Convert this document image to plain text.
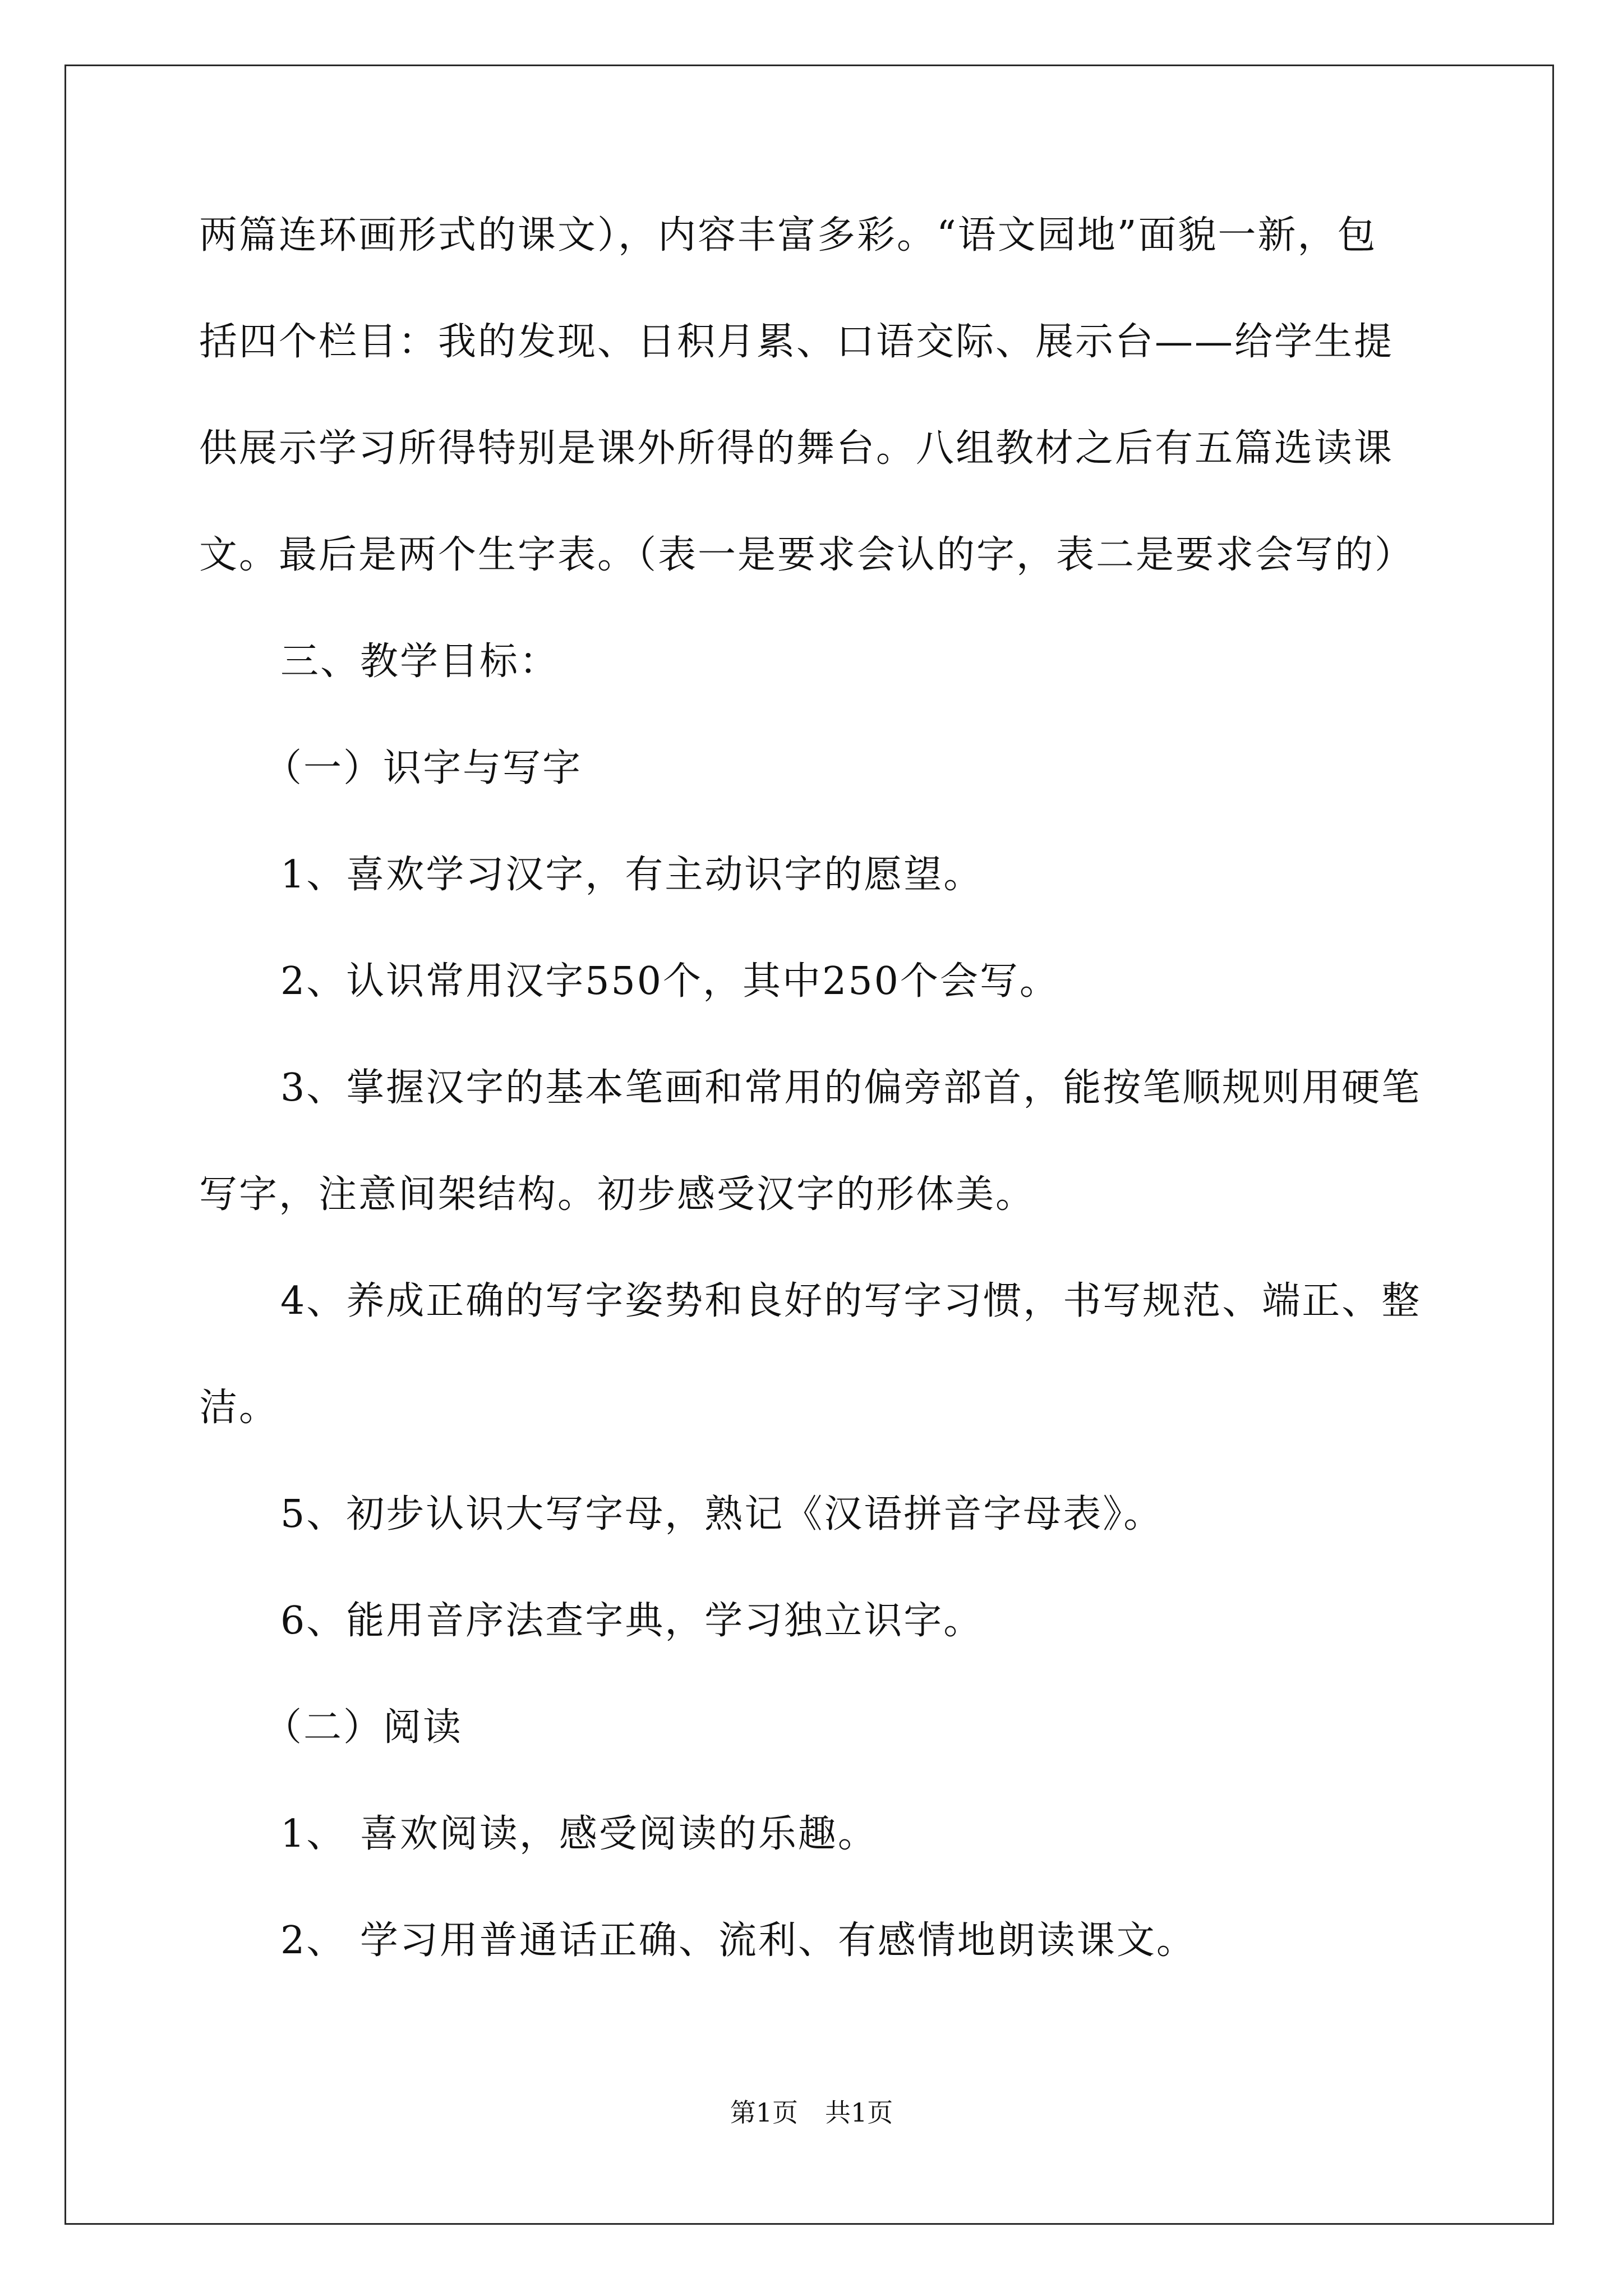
两篇连环画形式的课文），内容丰富多彩。“语文园地”面貌一新，包
括四个栏目：我的发现、日积月累、口语交际、展示台——给学生提
供展示学习所得特别是课外所得的舞台。八组教材之后有五篇选读课
文。最后是两个生字表。（表一是要求会认的字，表二是要求会写的）
三、教学目标：
（一）识字与写字
1、喜欢学习汉字，有主动识字的愿望。
2、认识常用汉字550个，其中250个会写。
3、掌握汉字的基本笔画和常用的偏旁部首，能按笔顺规则用硬笔
写字，注意间架结构。初步感受汉字的形体美。
4、养成正确的写字姿势和良好的写字习惯，书写规范、端正、整
洁。
5、初步认识大写字母，熟记《汉语拼音字母表》。
6、能用音序法查字典，学习独立识字。
（二）阅读
1、 喜欢阅读，感受阅读的乐趣。
2、 学习用普通话正确、流利、有感情地朗读课文。
第1页 共1页
